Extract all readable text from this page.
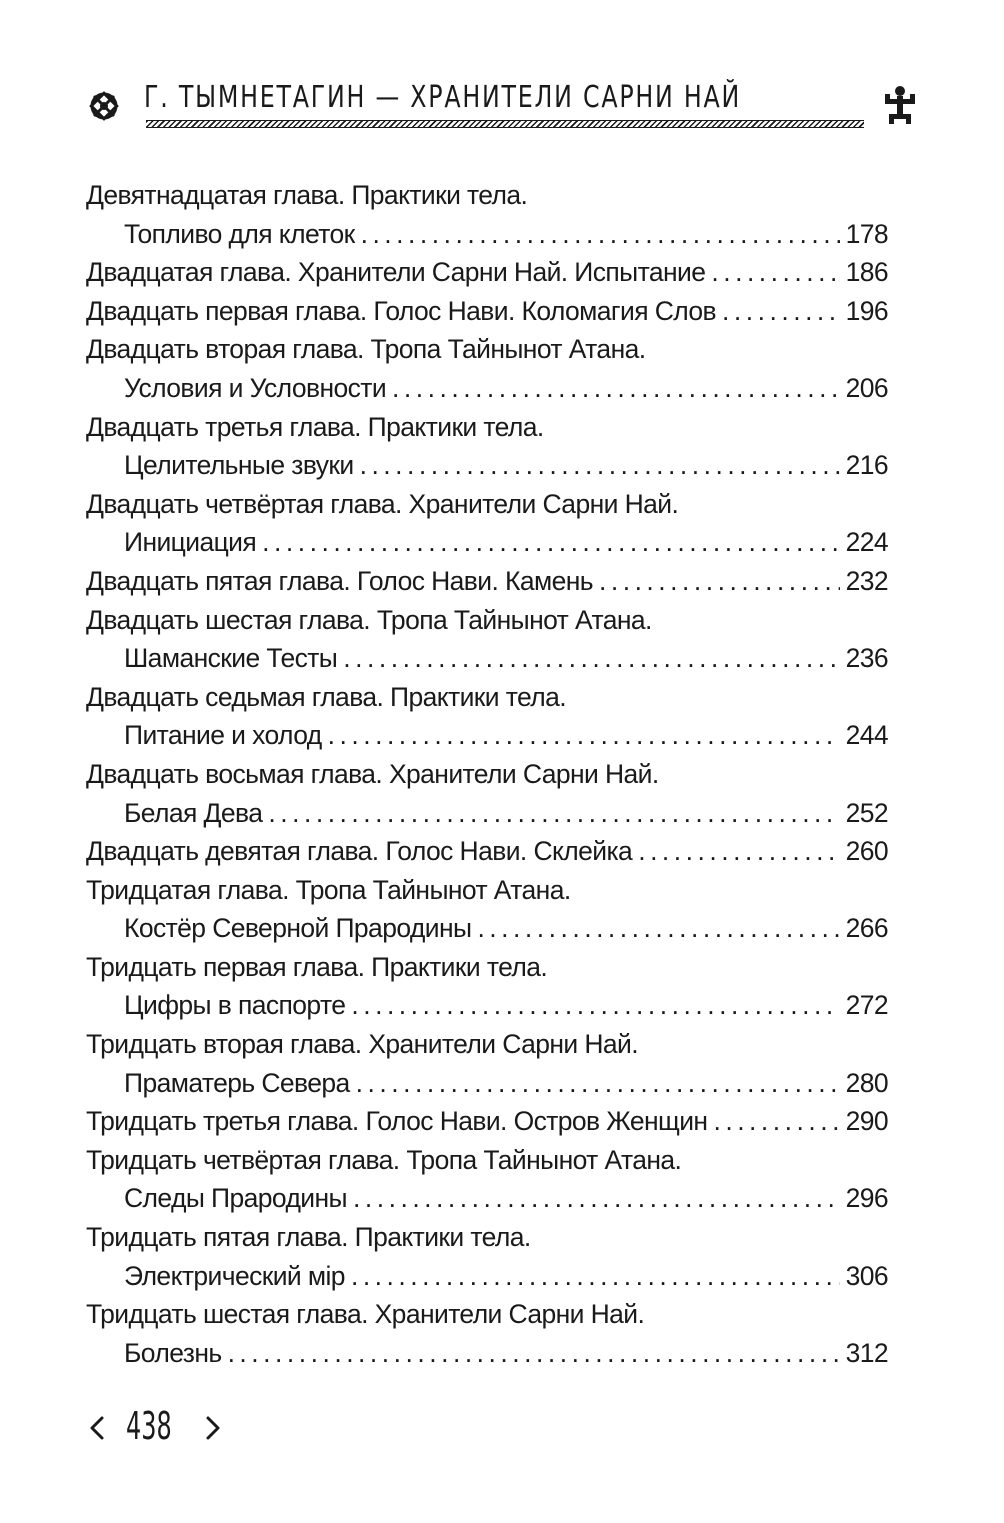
Г. ТЫМНЕТАГИН — ХРАНИТЕЛИ САРНИ НАЙ
Девятнадцатая глава. Практики тела.
Топливо для клеток .....	178
Двадцатая глава. Хранители Сарни Най. Испытание .....	186
Двадцать первая глава. Голос Нави. Коломагия Слов .....	196
Двадцать вторая глава. Тропа Тайнынот Атана.
Условия и Условности .....	206
Двадцать третья глава. Практики тела.
Целительные звуки .....	216
Двадцать четвёртая глава. Хранители Сарни Най.
Инициация .....	224
Двадцать пятая глава. Голос Нави. Камень .....	232
Двадцать шестая глава. Тропа Тайнынот Атана.
Шаманские Тесты .....	236
Двадцать седьмая глава. Практики тела.
Питание и холод .....	244
Двадцать восьмая глава. Хранители Сарни Най.
Белая Дева .....	252
Двадцать девятая глава. Голос Нави. Склейка .....	260
Тридцатая глава. Тропа Тайнынот Атана.
Костёр Северной Прародины .....	266
Тридцать первая глава. Практики тела.
Цифры в паспорте .....	272
Тридцать вторая глава. Хранители Сарни Най.
Праматерь Севера .....	280
Тридцать третья глава. Голос Нави. Остров Женщин .....	290
Тридцать четвёртая глава. Тропа Тайнынот Атана.
Следы Прародины .....	296
Тридцать пятая глава. Практики тела.
Электрический мiр .....	306
Тридцать шестая глава. Хранители Сарни Най.
Болезнь .....	312
438
